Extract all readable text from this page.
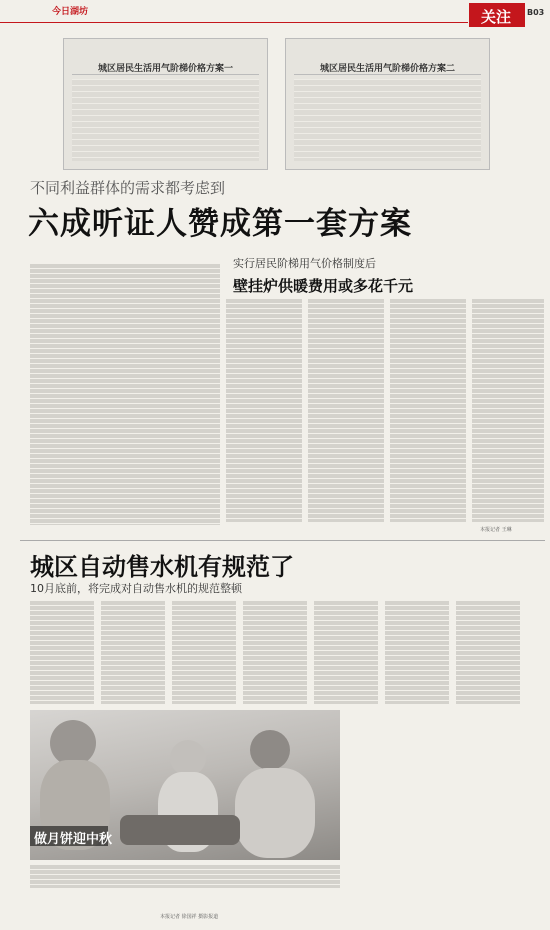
今日湖坊	关注 B03
城区居民生活用气阶梯价格方案一	城区居民生活用气阶梯价格方案二
不同利益群体的需求都考虑到
六成听证人赞成第一套方案
实行居民阶梯用气价格制度后
壁挂炉供暖费用或多花千元
本报记者 王琳
城区自动售水机有规范了
10月底前，将完成对自动售水机的规范整顿
做月饼迎中秋
本报记者 徐国祥 摄影报道
